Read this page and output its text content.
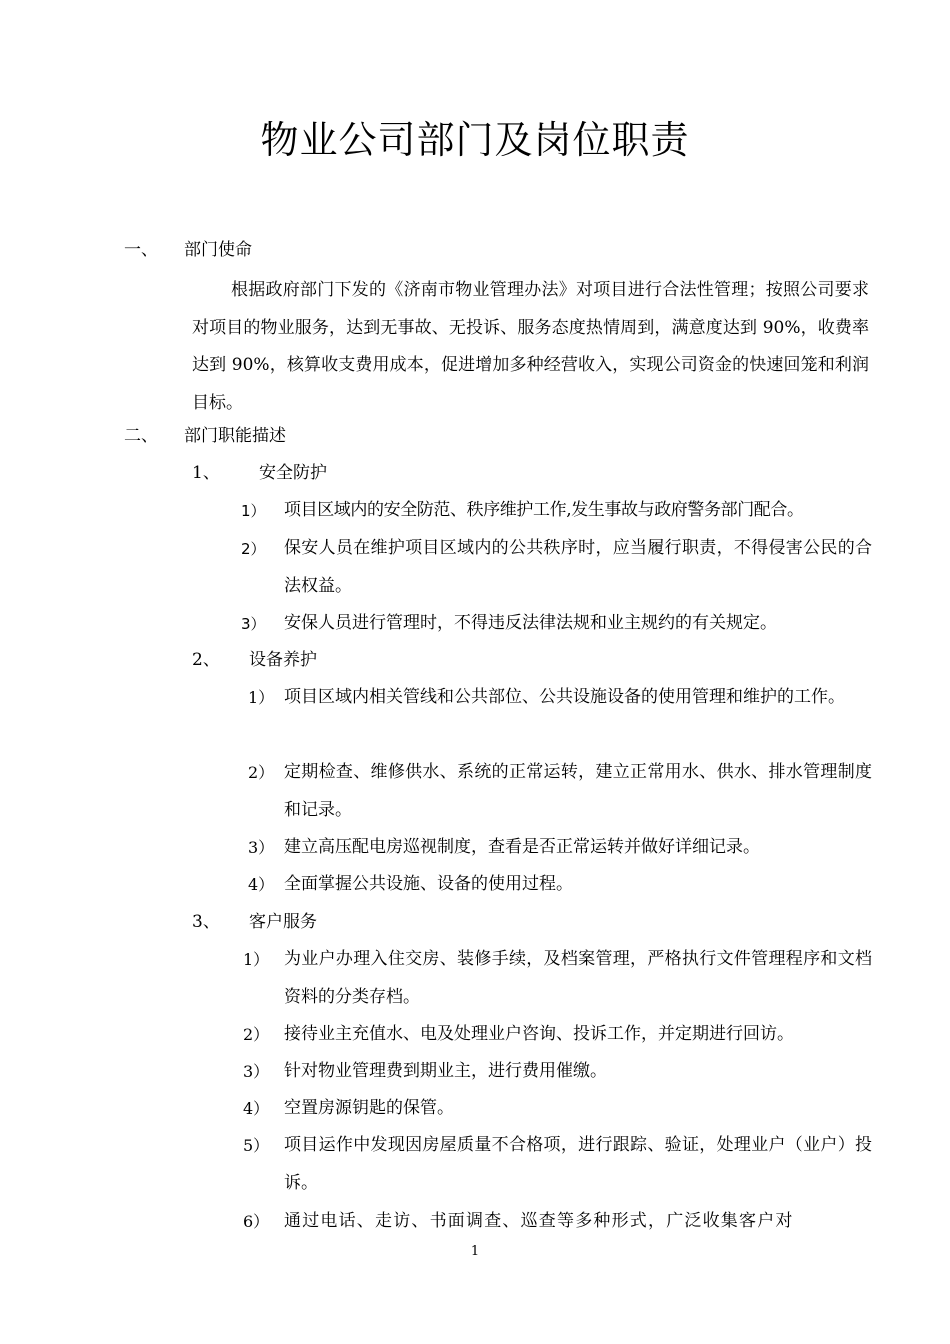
物业公司部门及岗位职责
一、 部门使命
根据政府部门下发的《济南市物业管理办法》对项目进行合法性管理；按照公司要求对项目的物业服务，达到无事故、无投诉、服务态度热情周到，满意度达到 90%，收费率达到 90%，核算收支费用成本，促进增加多种经营收入，实现公司资金的快速回笼和利润目标。
二、 部门职能描述
1、 安全防护
1） 项目区域内的安全防范、秩序维护工作,发生事故与政府警务部门配合。
2） 保安人员在维护项目区域内的公共秩序时，应当履行职责，不得侵害公民的合法权益。
3） 安保人员进行管理时，不得违反法律法规和业主规约的有关规定。
2、 设备养护
1） 项目区域内相关管线和公共部位、公共设施设备的使用管理和维护的工作。
2） 定期检查、维修供水、系统的正常运转，建立正常用水、供水、排水管理制度和记录。
3） 建立高压配电房巡视制度，查看是否正常运转并做好详细记录。
4） 全面掌握公共设施、设备的使用过程。
3、 客户服务
1） 为业户办理入住交房、装修手续，及档案管理，严格执行文件管理程序和文档资料的分类存档。
2） 接待业主充值水、电及处理业户咨询、投诉工作，并定期进行回访。
3） 针对物业管理费到期业主，进行费用催缴。
4） 空置房源钥匙的保管。
5） 项目运作中发现因房屋质量不合格项，进行跟踪、验证，处理业户（业户）投诉。
6） 通过电话、走访、书面调查、巡查等多种形式，广泛收集客户对
1
